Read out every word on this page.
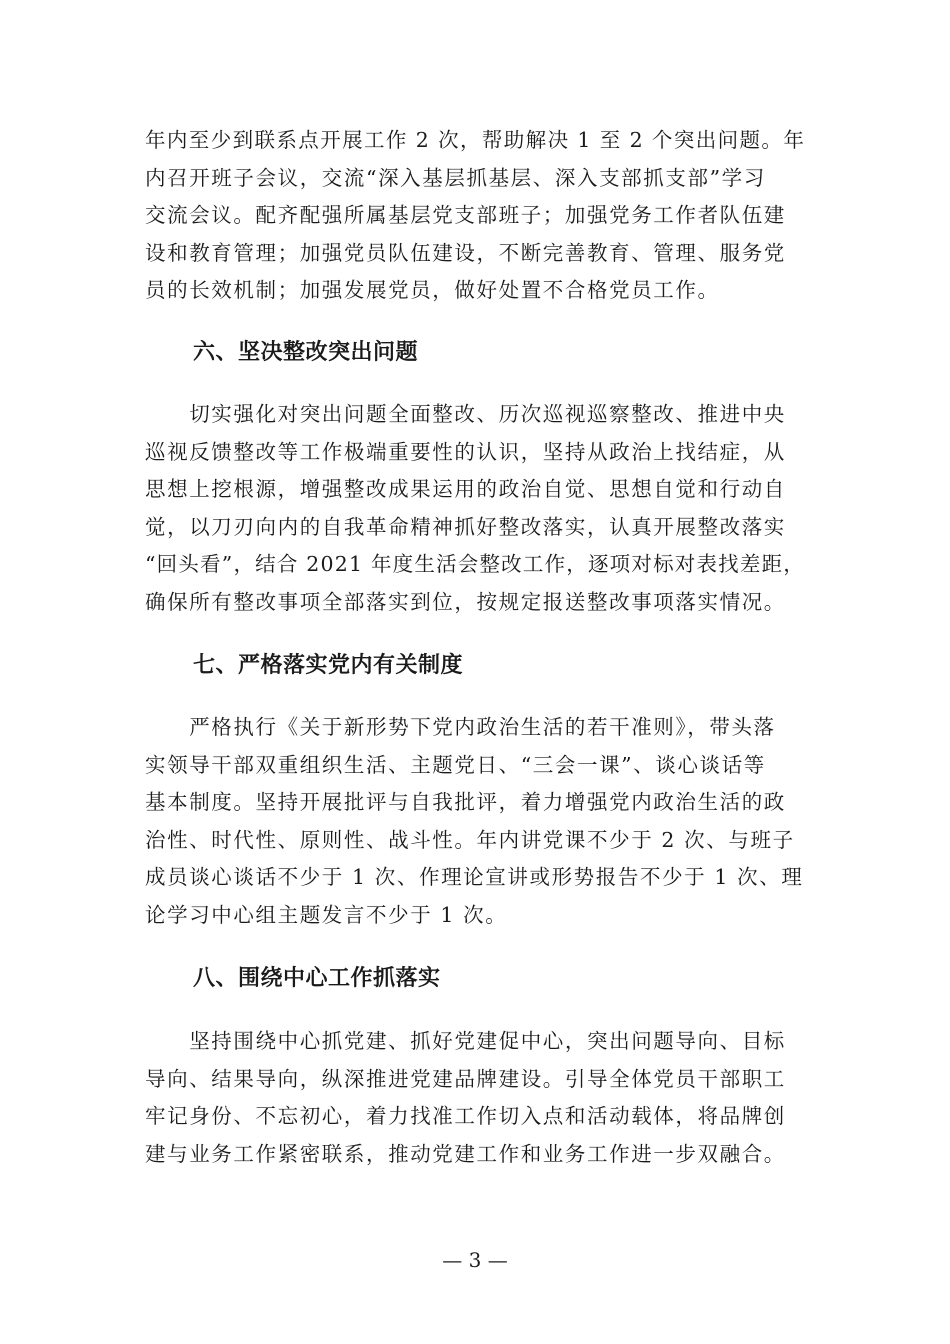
年内至少到联系点开展工作 2 次，帮助解决 1 至 2 个突出问题。年
内召开班子会议，交流“深入基层抓基层、深入支部抓支部”学习
交流会议。配齐配强所属基层党支部班子；加强党务工作者队伍建
设和教育管理；加强党员队伍建设，不断完善教育、管理、服务党
员的长效机制；加强发展党员，做好处置不合格党员工作。
六、坚决整改突出问题
　　切实强化对突出问题全面整改、历次巡视巡察整改、推进中央
巡视反馈整改等工作极端重要性的认识，坚持从政治上找结症，从
思想上挖根源，增强整改成果运用的政治自觉、思想自觉和行动自
觉，以刀刃向内的自我革命精神抓好整改落实，认真开展整改落实
“回头看”，结合 2021 年度生活会整改工作，逐项对标对表找差距，
确保所有整改事项全部落实到位，按规定报送整改事项落实情况。
七、严格落实党内有关制度
　　严格执行《关于新形势下党内政治生活的若干准则》，带头落
实领导干部双重组织生活、主题党日、“三会一课”、谈心谈话等
基本制度。坚持开展批评与自我批评，着力增强党内政治生活的政
治性、时代性、原则性、战斗性。年内讲党课不少于 2 次、与班子
成员谈心谈话不少于 1 次、作理论宣讲或形势报告不少于 1 次、理
论学习中心组主题发言不少于 1 次。
八、围绕中心工作抓落实
　　坚持围绕中心抓党建、抓好党建促中心，突出问题导向、目标
导向、结果导向，纵深推进党建品牌建设。引导全体党员干部职工
牢记身份、不忘初心，着力找准工作切入点和活动载体，将品牌创
建与业务工作紧密联系，推动党建工作和业务工作进一步双融合。
— 3 —
